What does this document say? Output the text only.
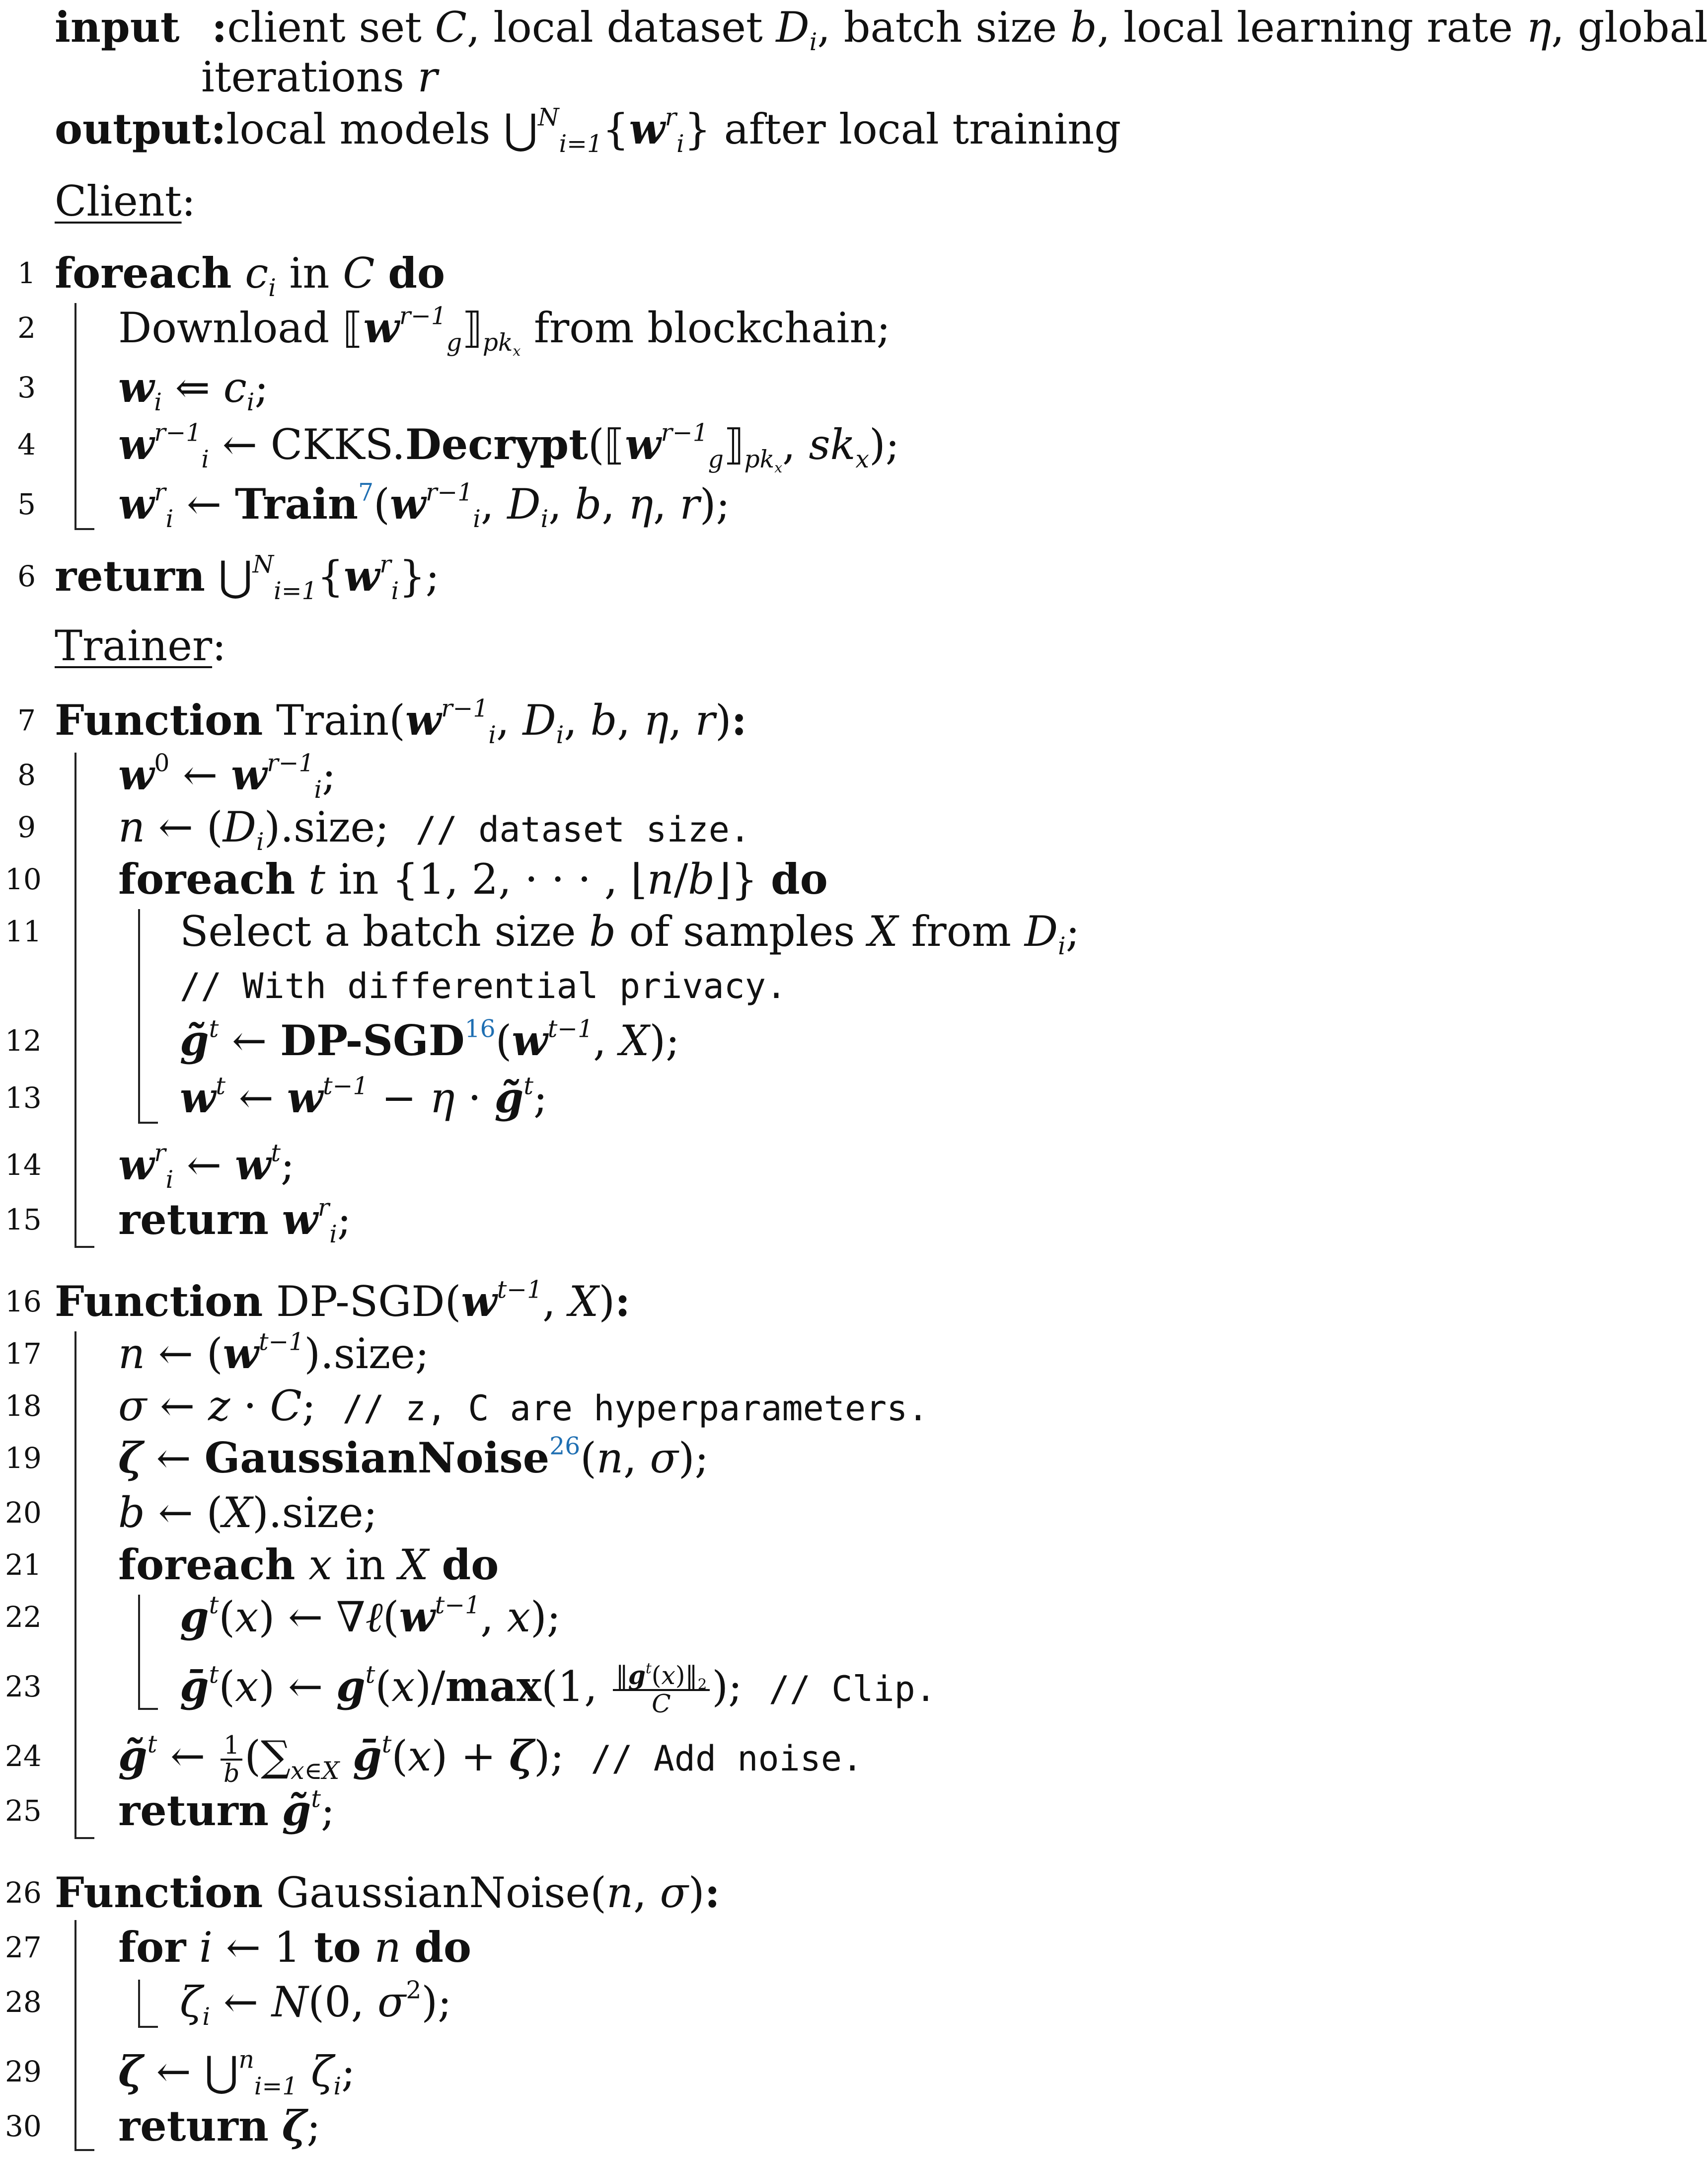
input :client set C, local dataset $D_i$, batch size b, local learning rate η, global
iterations r
output:local models $⋃^N_{i=1}\{w^r_i\}$ after local training
Client:
1 foreach $c_i$ in C do
2 Download $⟦w^{r-1}_g⟧_{pk_x}$ from blockchain;
3 $w_i$ ⇐ $c_i$;
4 $w^{r-1}_i$ ← $CKKS.Decrypt(⟦w^{r-1}_g⟧_{pk_x}$, $sk_x$);
5 $w^r_i$ ← $Train^7(w^{r-1}_i$, $D_i$, b, η, r);
6 return $⋃^N_{i=1}\{w^r_i\}$;
Trainer:
7 Function $Train(w^{r-1}_i$, $D_i$, b, η, r):
8 $w^0$ ← $w^{r-1}_i$;
9 n ← $(D_i).size$;  // dataset size.
10 foreach t in {1, 2, · · · , ⌊n/b⌋} do
11	Select a batch size b of samples X from $D_i$;
// With differential privacy.
12	g̃$^t$ ← $DP-SGD^{16}(w^{t-1}$, X);
13	$w^t$ ← $w^{t-1} - \eta$ · g̃$^t$;
14 $w^r_i$ ← $w^t$;
15 return $w^r_i$;
16 Function $DP-SGD(w^{t-1}$, X):
17 n ← $(w^{t-1}).size$;
18 σ ← z · C;  // z, C are hyperparameters.
19 ζ ← GaussianNoise$^{26}$(n, σ);
20 b ← (X).size;
21 foreach x in X do
22	$g^t(x)$ ← $\nabla\ell(w^{t-1}$, x);
23	ḡ$^t$(x) ← $g^t(x)/\max(1$, $\frac{‖g^t(x)‖_2}{C}$ );  // Clip.
24 g̃$^t$ ← $\frac{1}{b} (\sum_{x\in X}$ ḡ$^t$(x) + ζ);  // Add noise.
25 return g̃$^t$;
26 Function GaussianNoise(n, σ):
27 for i ← 1 to n do
28	$\zeta_i$ ← N(0, $\sigma^2$);
29 ζ ← ⋃$^n_{i=1}$ $\zeta_i$;
30 return ζ;
